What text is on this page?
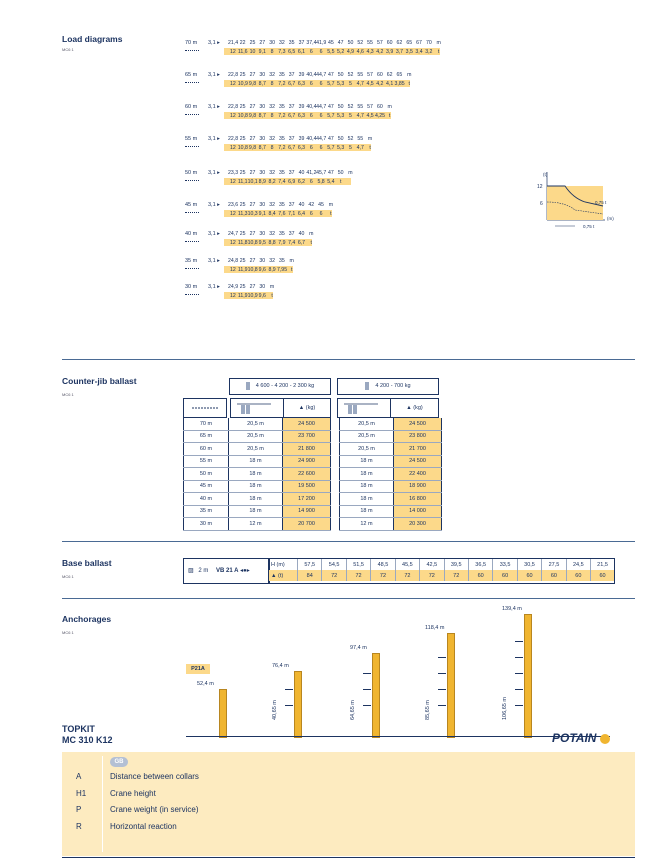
Load diagrams
MC6 1
70 m 3,1 ▸ 21,4 22 25 27 30 32 35 37 37,4 41,9 45 47 50 52 55 57 60 62 65 67 70 m
12 11,6 10 9,1 8 7,3 6,5 6,1 6	6 5,5 5,2 4,9 4,6 4,3 4,2 3,9 3,7 3,5 3,4 3,2	t
65 m 3,1 ▸ 22,8 25 27 30 32 35 37 39 40,4 44,7 47 50 52 55 57 60 62 65 m
12 10,9 9,8 8,7 8 7,2 6,7 6,3 6	6 5,7 5,3 5 4,7 4,5 4,2 4,1 3,85 t
60 m 3,1 ▸ 22,8 25 27 30 32 35 37 39 40,4 44,7 47 50 52 55 57 60 m
12 10,8 9,8 8,7 8 7,2 6,7 6,3 6	6 5,7 5,3 5 4,7 4,5 4,25 t
55 m 3,1 ▸ 22,8 25 27 30 32 35 37 39 40,4 44,7 47 50 52 55 m
12 10,8 9,8 8,7 8 7,2 6,7 6,3 6	6 5,7 5,3 5 4,7	t
50 m 3,1 ▸ 23,3 25 27 30 32 35 37 40 41,2 45,7 47 50 m
12 11,1 10,1 8,9 8,2 7,4 6,9 6,2 6 5,8 5,4	t
45 m 3,1 ▸ 23,6 25 27 30 32 35 37 40 42 45 m
12 11,3 10,3 9,1 8,4 7,6 7,1 6,4 6	6	t
40 m 3,1 ▸ 24,7 25 27 30 32 35 37 40 m
12 11,8 10,8 9,5 8,8 7,9 7,4 6,7	t
35 m 3,1 ▸ 24,8 25 27 30 32 35 m
12 11,9 10,8 9,6 8,9 7,95 t
30 m 3,1 ▸ 24,9 25 27 30 m
12 11,9 10,9 9,6	t
12
6
(t)
(m)
0,75 t
0,75 t
Counter-jib ballast
MC6 1
4 600 - 4 200 - 2 300 kg	4 200 - 700 kg
▲ (kg)	▲ (kg)
70 m	20,5 m	24 500		20,5 m	24 500
65 m	20,5 m	23 700		20,5 m	23 800
60 m	20,5 m	21 800		20,5 m	21 700
55 m	18 m	24 900		18 m	24 500
50 m	18 m	22 600		18 m	22 400
45 m	18 m	19 500		18 m	18 900
40 m	18 m	17 200		18 m	16 800
35 m	18 m	14 900		18 m	14 000
30 m	12 m	20 700		12 m	20 300
Base ballast
MC6 1
▨ 2 m VB 21 A ◂●▸
H (m)	57,5	54,5	51,5	48,5	45,5	42,5	39,5	36,5	33,5	30,5	27,5	24,5	21,5
▲ (t)	84	72	72	72	72	72	72	60	60	60	60	60	60
Anchorages
MC6 1
P21A
52,4 m
76,4 m
40,65 m
97,4 m
64,65 m
118,4 m
85,65 m
139,4 m
106,65 m
TOPKIT
MC 310 K12	POTAIN
GB
A	Distance between collars
H1	Crane height
P	Crane weight (in service)
R	Horizontal reaction
